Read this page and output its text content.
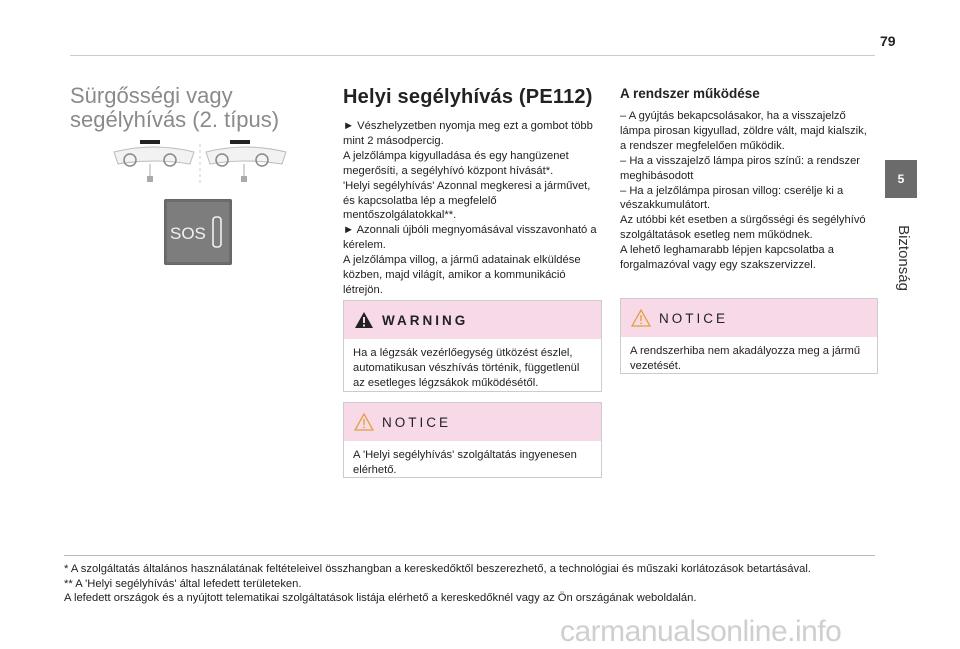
79
5
Biztonság
Sürgősségi vagy segélyhívás (2. típus)
SOS
Helyi segélyhívás (PE112)

► Vészhelyzetben nyomja meg ezt a gombot több mint 2 másodpercig.

A jelzőlámpa kigyulladása és egy hangüzenet megerősíti, a segélyhívó központ hívását*.

'Helyi segélyhívás' Azonnal megkeresi a járművet, és kapcsolatba lép a megfelelő mentőszolgálatokkal**.

► Azonnali újbóli megnyomásával visszavonható a kérelem.

A jelzőlámpa villog, a jármű adatainak elküldése közben, majd világít, amikor a kommunikáció létrejön.

WARNING
Ha a légzsák vezérlőegység ütközést észlel, automatikusan vészhívás történik, függetlenül az esetleges légzsákok működésétől.
NOTICE
A 'Helyi segélyhívás' szolgáltatás ingyenesen elérhető.
A rendszer működése

– A gyújtás bekapcsolásakor, ha a visszajelző lámpa pirosan kigyullad, zöldre vált, majd kialszik, a rendszer megfelelően működik.

– Ha a visszajelző lámpa piros színű: a rendszer meghibásodott

– Ha a jelzőlámpa pirosan villog: cserélje ki a vészakkumulátort.

Az utóbbi két esetben a sürgősségi és segélyhívó szolgáltatások esetleg nem működnek.

A lehető leghamarabb lépjen kapcsolatba a forgalmazóval vagy egy szakszervizzel.

NOTICE
A rendszerhiba nem akadályozza meg a jármű vezetését.

* A szolgáltatás általános használatának feltételeivel összhangban a kereskedőktől beszerezhető, a technológiai és műszaki korlátozások betartásával.

** A 'Helyi segélyhívás' által lefedett területeken.

A lefedett országok és a nyújtott telematikai szolgáltatások listája elérhető a kereskedőknél vagy az Ön országának weboldalán.

carmanualsonline.info
